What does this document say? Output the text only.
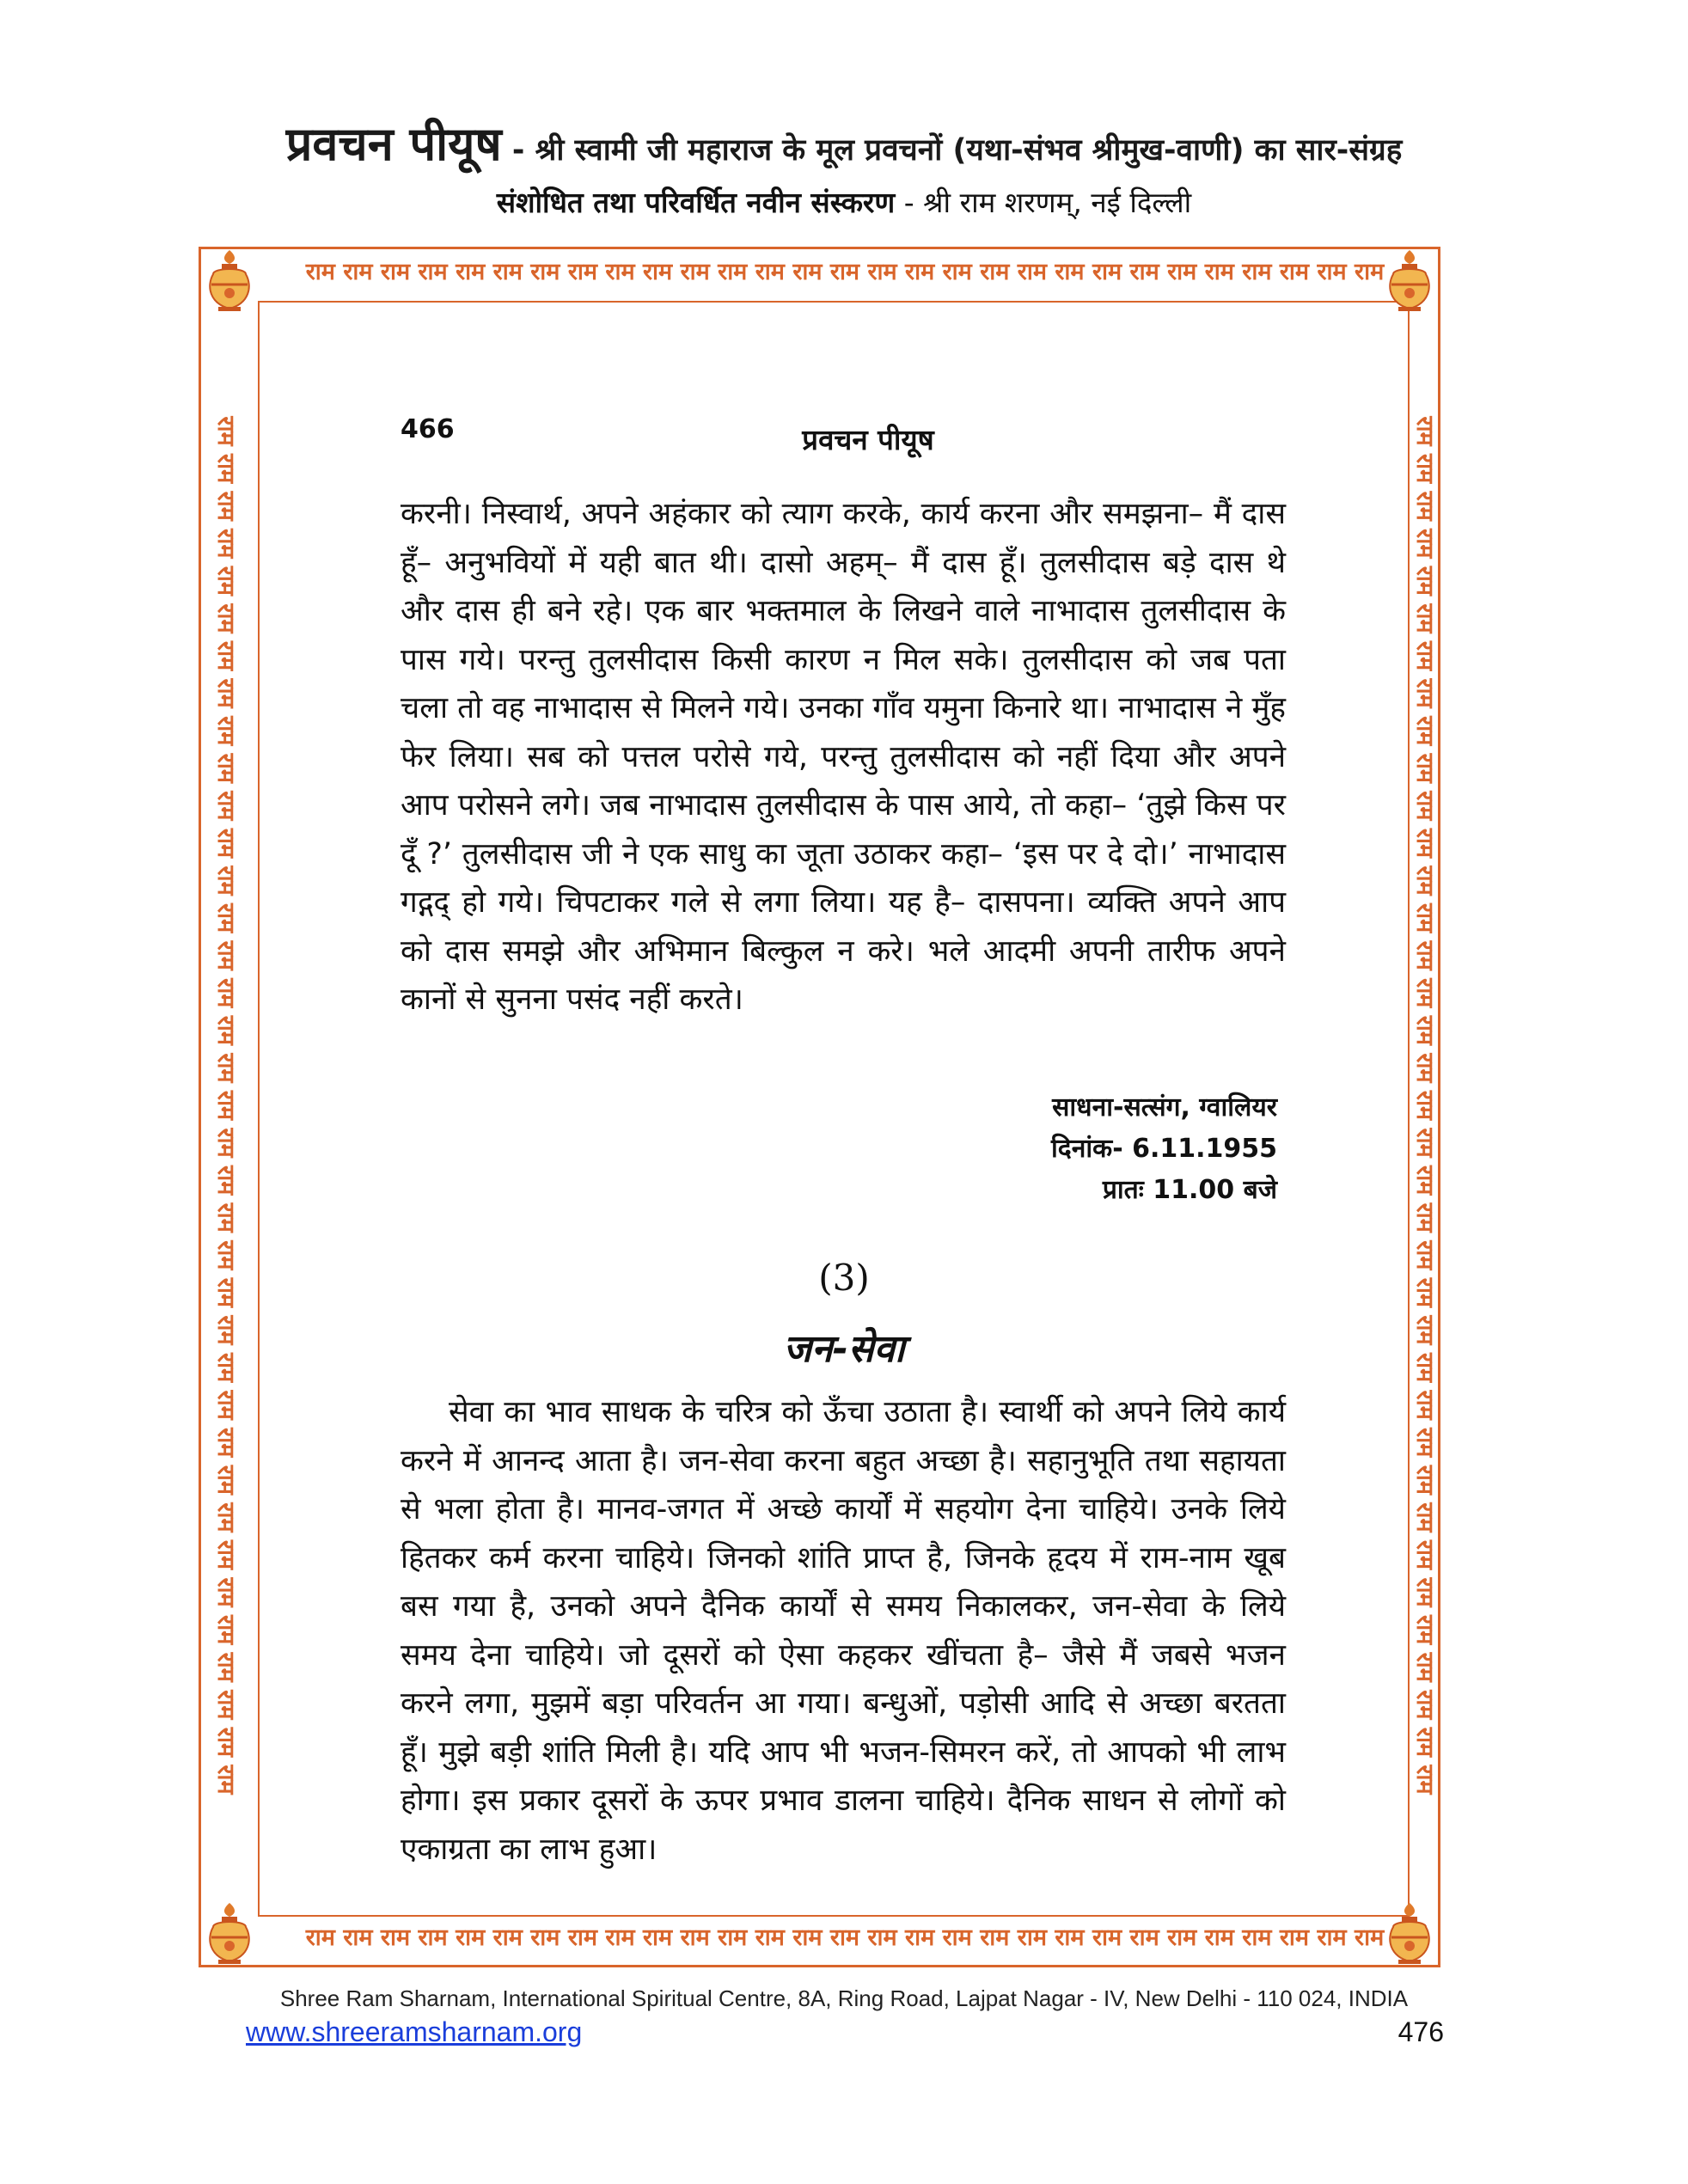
प्रवचन पीयूष - श्री स्वामी जी महाराज के मूल प्रवचनों (यथा-संभव श्रीमुख-वाणी) का सार-संग्रह
संशोधित तथा परिवर्धित नवीन संस्करण - श्री राम शरणम्, नई दिल्ली
राम राम राम राम राम राम राम राम राम राम राम राम राम राम राम राम राम राम राम राम राम राम राम राम राम राम राम राम राम
राम राम राम राम राम राम राम राम राम राम राम राम राम राम राम राम राम राम राम राम राम राम राम राम राम राम राम राम राम
राम राम राम राम राम राम राम राम राम राम राम राम राम राम राम राम राम राम राम राम राम राम राम राम राम राम राम राम राम राम राम राम राम राम राम राम राम	राम राम राम राम राम राम राम राम राम राम राम राम राम राम राम राम राम राम राम राम राम राम राम राम राम राम राम राम राम राम राम राम राम राम राम राम राम
466	प्रवचन पीयूष

करनी। निस्वार्थ, अपने अहंकार को त्याग करके, कार्य करना और समझना– मैं दास हूँ– अनुभवियों में यही बात थी। दासो अहम्– मैं दास हूँ। तुलसीदास बड़े दास थे और दास ही बने रहे। एक बार भक्तमाल के लिखने वाले नाभादास तुलसीदास के पास गये। परन्तु तुलसीदास किसी कारण न मिल सके। तुलसीदास को जब पता चला तो वह नाभादास से मिलने गये। उनका गाँव यमुना किनारे था। नाभादास ने मुँह फेर लिया। सब को पत्तल परोसे गये, परन्तु तुलसीदास को नहीं दिया और अपने आप परोसने लगे। जब नाभादास तुलसीदास के पास आये, तो कहा– ‘तुझे किस पर दूँ ?’ तुलसीदास जी ने एक साधु का जूता उठाकर कहा– ‘इस पर दे दो।’ नाभादास गद्गद् हो गये। चिपटाकर गले से लगा लिया। यह है– दासपना। व्यक्ति अपने आप को दास समझे और अभिमान बिल्कुल न करे। भले आदमी अपनी तारीफ अपने कानों से सुनना पसंद नहीं करते।

साधना-सत्संग, ग्वालियर
दिनांक- 6.11.1955
प्रातः 11.00 बजे
(3)
जन-सेवा

सेवा का भाव साधक के चरित्र को ऊँचा उठाता है। स्वार्थी को अपने लिये कार्य करने में आनन्द आता है। जन-सेवा करना बहुत अच्छा है। सहानुभूति तथा सहायता से भला होता है। मानव-जगत में अच्छे कार्यों में सहयोग देना चाहिये। उनके लिये हितकर कर्म करना चाहिये। जिनको शांति प्राप्त है, जिनके हृदय में राम-नाम खूब बस गया है, उनको अपने दैनिक कार्यों से समय निकालकर, जन-सेवा के लिये समय देना चाहिये। जो दूसरों को ऐसा कहकर खींचता है– जैसे मैं जबसे भजन करने लगा, मुझमें बड़ा परिवर्तन आ गया। बन्धुओं, पड़ोसी आदि से अच्छा बरतता हूँ। मुझे बड़ी शांति मिली है। यदि आप भी भजन-सिमरन करें, तो आपको भी लाभ होगा। इस प्रकार दूसरों के ऊपर प्रभाव डालना चाहिये। दैनिक साधन से लोगों को एकाग्रता का लाभ हुआ।

Shree Ram Sharnam, International Spiritual Centre, 8A, Ring Road, Lajpat Nagar - IV, New Delhi - 110 024, INDIA
www.shreeramsharnam.org	476
